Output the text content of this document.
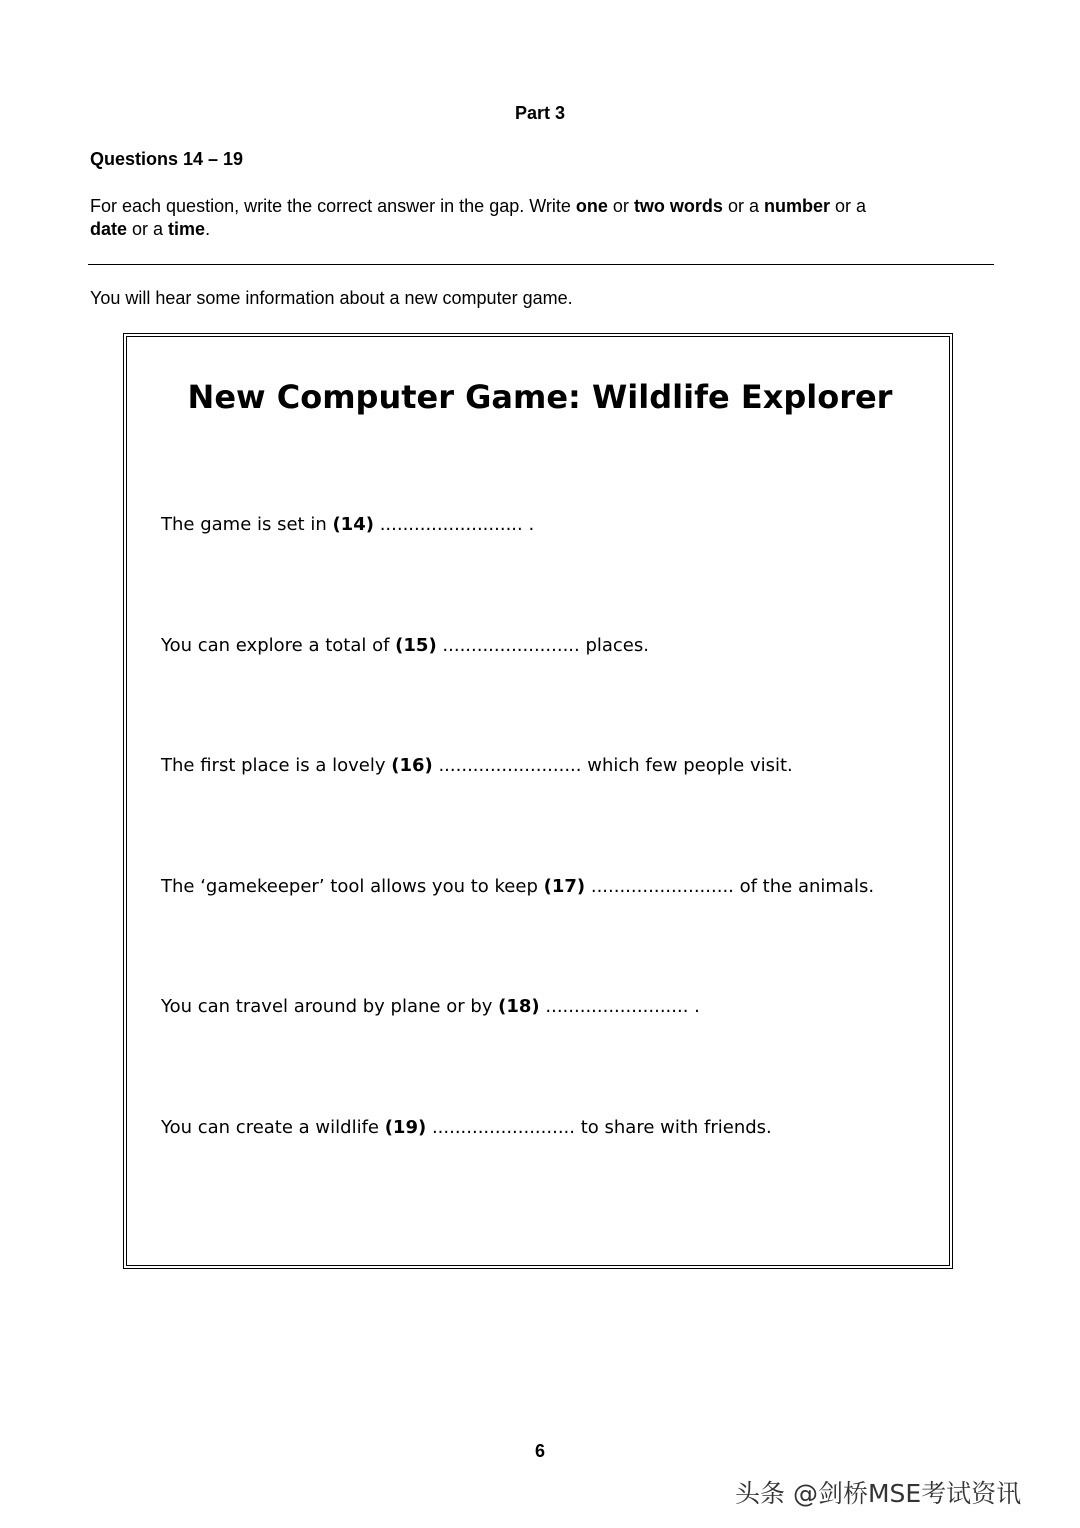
Part 3
Questions 14 – 19
For each question, write the correct answer in the gap. Write one or two words or a number or a
date or a time.
You will hear some information about a new computer game.
New Computer Game: Wildlife Explorer
The game is set in (14) ......................... .
You can explore a total of (15) ........................ places.
The first place is a lovely (16) ......................... which few people visit.
The ‘gamekeeper’ tool allows you to keep (17) ......................... of the animals.
You can travel around by plane or by (18) ......................... .
You can create a wildlife (19) ......................... to share with friends.
6
头条 @剑桥MSE考试资讯
